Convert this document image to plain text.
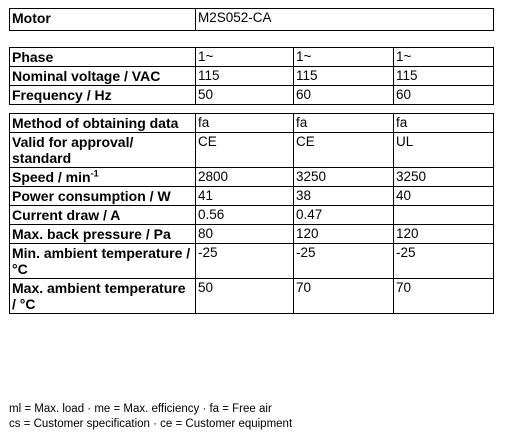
Motor	M2S052-CA
Phase	1~	1~	1~
Nominal voltage / VAC	115	115	115
Frequency / Hz	50	60	60
Method of obtaining data	fa	fa	fa
Valid for approval/ standard	CE	CE	UL
Speed / $\min^{-1}$	2800	3250	3250
Power consumption / W	41	38	40
Current draw / A	0.56	0.47	
Max. back pressure / Pa	80	120	120
Min. ambient temperature / °C	-25	-25	-25
Max. ambient temperature / °C	50	70	70
ml = Max. load · me = Max. efficiency · fa = Free air
cs = Customer specification · ce = Customer equipment
